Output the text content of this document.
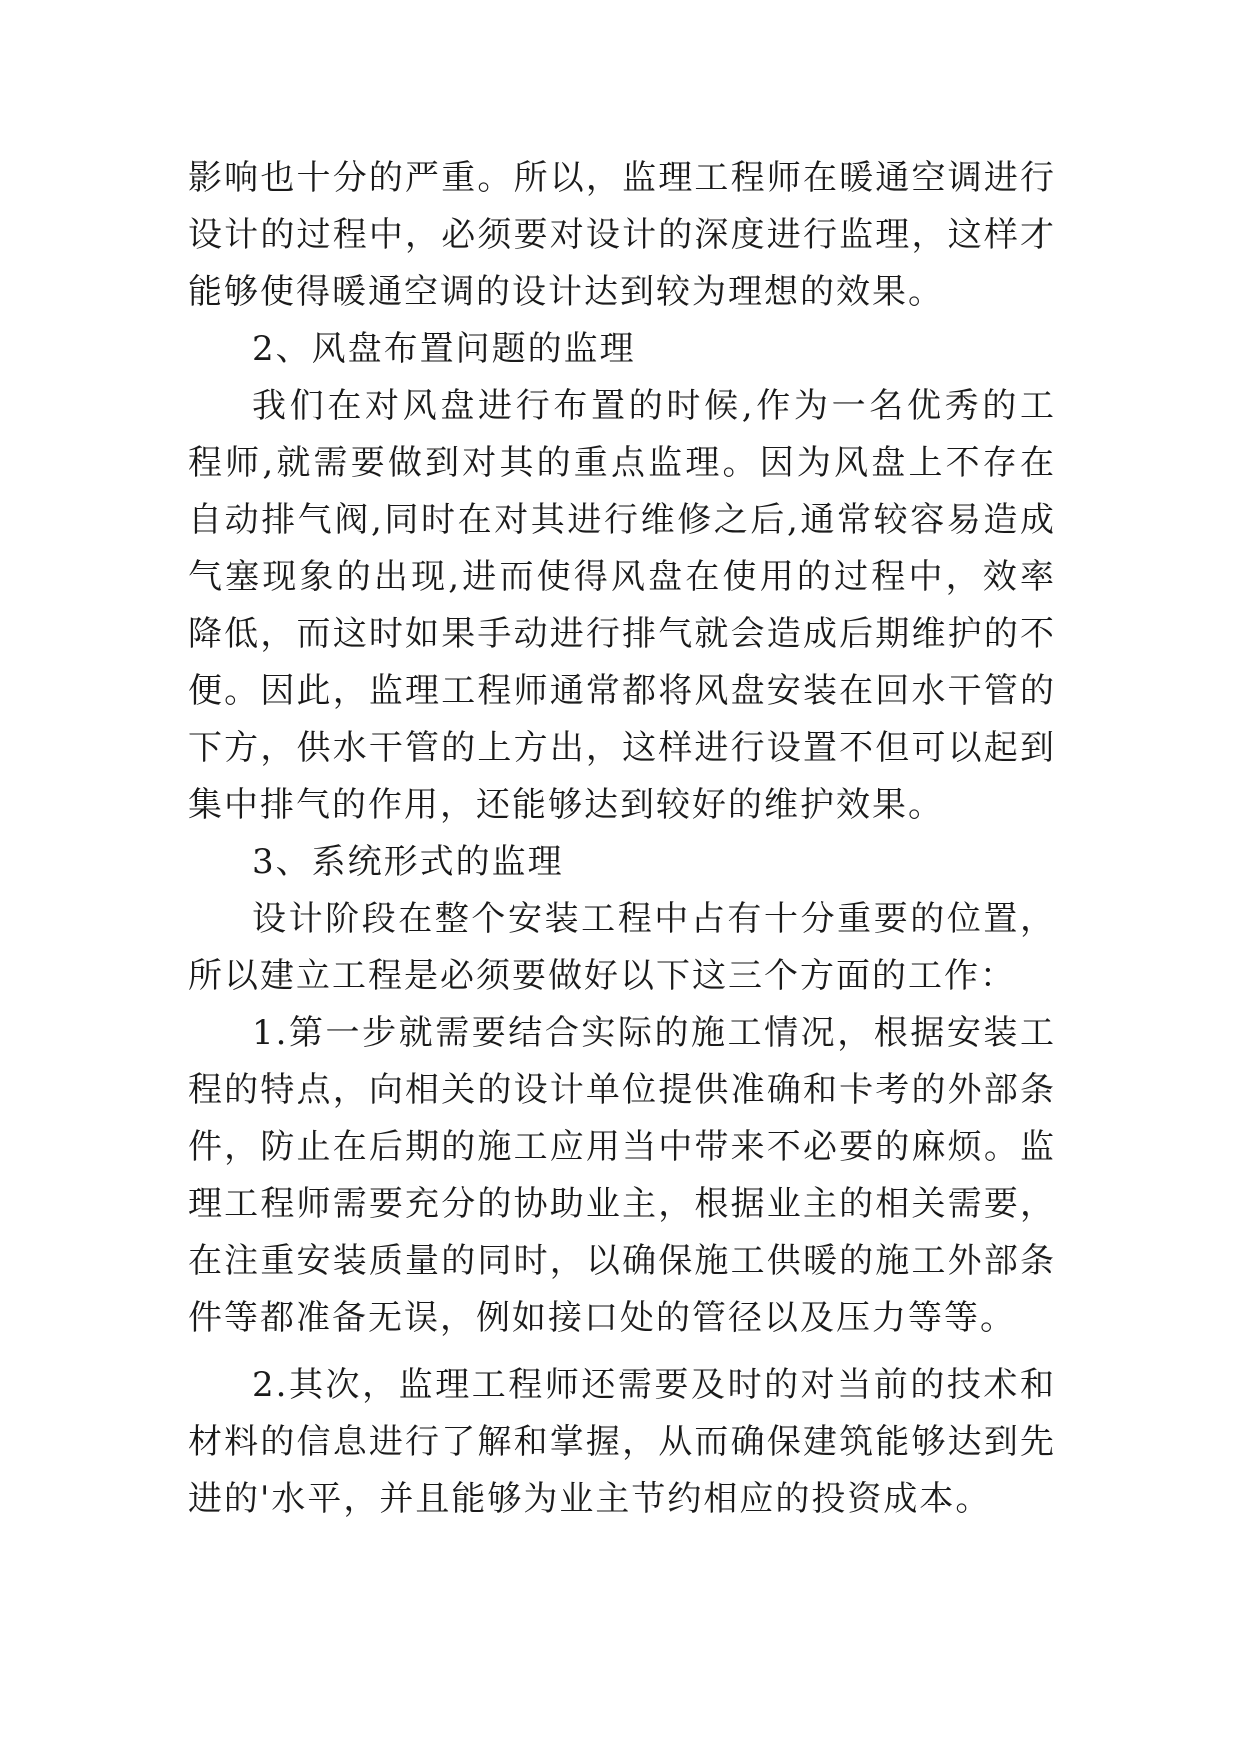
影响也十分的严重。所以，监理工程师在暖通空调进行设计的过程中，必须要对设计的深度进行监理，这样才能够使得暖通空调的设计达到较为理想的效果。

2、风盘布置问题的监理

我们在对风盘进行布置的时候,作为一名优秀的工程师,就需要做到对其的重点监理。因为风盘上不存在自动排气阀,同时在对其进行维修之后,通常较容易造成气塞现象的出现,进而使得风盘在使用的过程中，效率降低，而这时如果手动进行排气就会造成后期维护的不便。因此，监理工程师通常都将风盘安装在回水干管的下方，供水干管的上方出，这样进行设置不但可以起到集中排气的作用，还能够达到较好的维护效果。

3、系统形式的监理

设计阶段在整个安装工程中占有十分重要的位置，所以建立工程是必须要做好以下这三个方面的工作：

1.第一步就需要结合实际的施工情况，根据安装工程的特点，向相关的设计单位提供准确和卡考的外部条件，防止在后期的施工应用当中带来不必要的麻烦。监理工程师需要充分的协助业主，根据业主的相关需要，在注重安装质量的同时，以确保施工供暖的施工外部条件等都准备无误，例如接口处的管径以及压力等等。

2.其次，监理工程师还需要及时的对当前的技术和材料的信息进行了解和掌握，从而确保建筑能够达到先进的'水平，并且能够为业主节约相应的投资成本。
